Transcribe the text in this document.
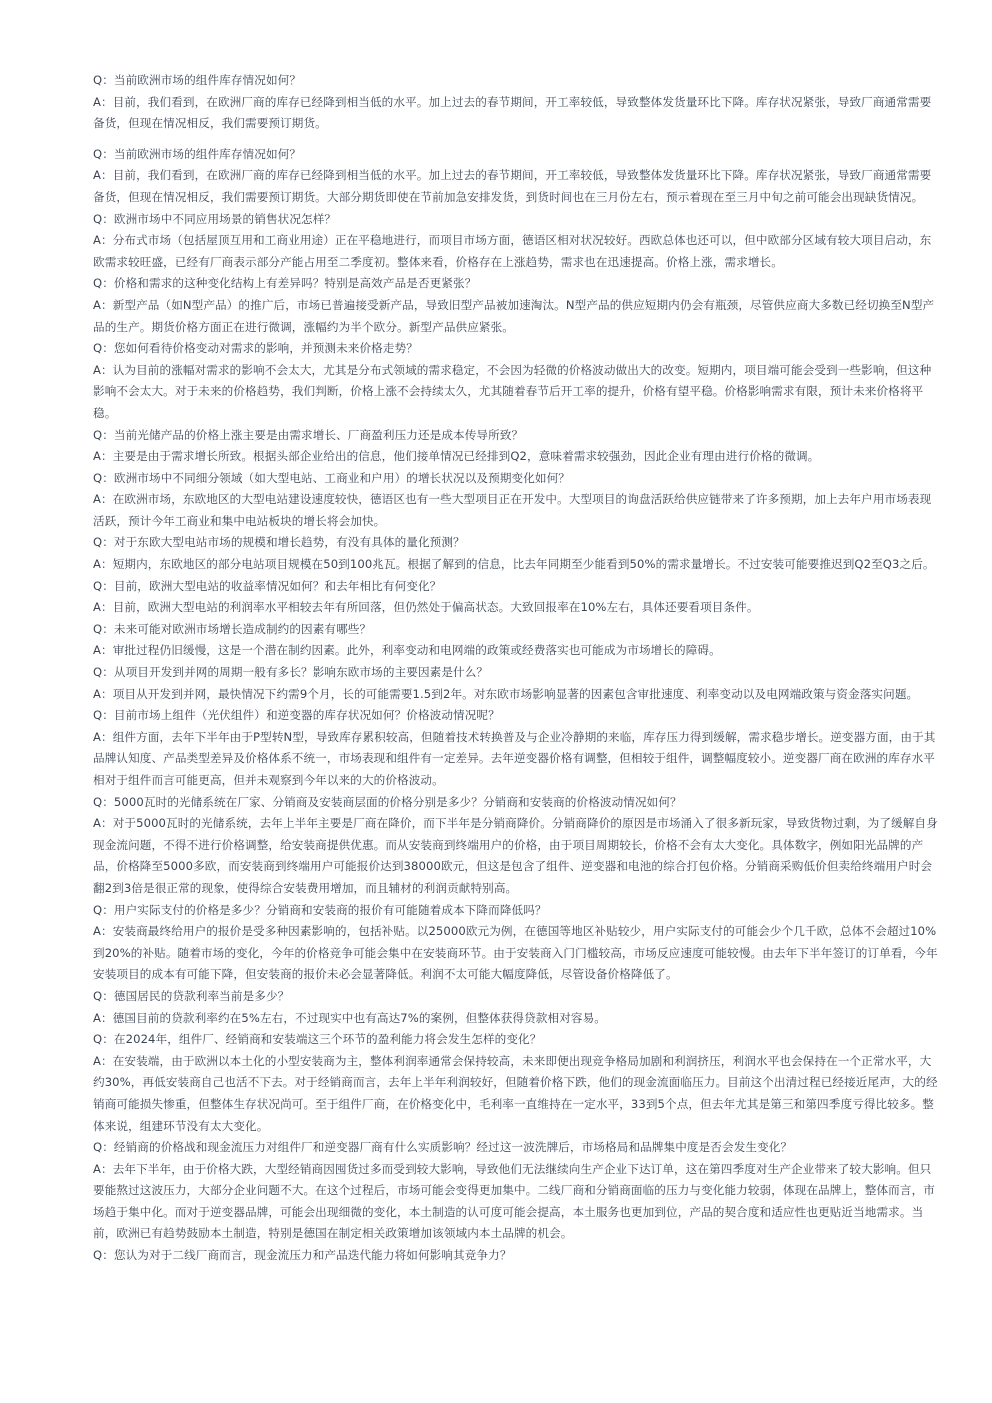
Q：当前欧洲市场的组件库存情况如何？

A：目前，我们看到，在欧洲厂商的库存已经降到相当低的水平。加上过去的春节期间，开工率较低，导致整体发货量环比下降。库存状况紧张，导致厂商通常需要备货，但现在情况相反，我们需要预订期货。

Q：当前欧洲市场的组件库存情况如何？

A：目前，我们看到，在欧洲厂商的库存已经降到相当低的水平。加上过去的春节期间，开工率较低，导致整体发货量环比下降。库存状况紧张，导致厂商通常需要备货，但现在情况相反，我们需要预订期货。大部分期货即使在节前加急安排发货，到货时间也在三月份左右，预示着现在至三月中旬之前可能会出现缺货情况。

Q：欧洲市场中不同应用场景的销售状况怎样？

A：分布式市场（包括屋顶互用和工商业用途）正在平稳地进行，而项目市场方面，德语区相对状况较好。西欧总体也还可以，但中欧部分区域有较大项目启动，东欧需求较旺盛，已经有厂商表示部分产能占用至二季度初。整体来看，价格存在上涨趋势，需求也在迅速提高。价格上涨，需求增长。

Q：价格和需求的这种变化结构上有差异吗？特别是高效产品是否更紧张？

A：新型产品（如N型产品）的推广后，市场已普遍接受新产品，导致旧型产品被加速淘汰。N型产品的供应短期内仍会有瓶颈，尽管供应商大多数已经切换至N型产品的生产。期货价格方面正在进行微调，涨幅约为半个欧分。新型产品供应紧张。

Q：您如何看待价格变动对需求的影响，并预测未来价格走势？

A：认为目前的涨幅对需求的影响不会太大，尤其是分布式领域的需求稳定，不会因为轻微的价格波动做出大的改变。短期内，项目端可能会受到一些影响，但这种影响不会太大。对于未来的价格趋势，我们判断，价格上涨不会持续太久，尤其随着春节后开工率的提升，价格有望平稳。价格影响需求有限，预计未来价格将平稳。

Q：当前光储产品的价格上涨主要是由需求增长、厂商盈利压力还是成本传导所致？

A：主要是由于需求增长所致。根据头部企业给出的信息，他们接单情况已经排到Q2，意味着需求较强劲，因此企业有理由进行价格的微调。

Q：欧洲市场中不同细分领域（如大型电站、工商业和户用）的增长状况以及预期变化如何？

A：在欧洲市场，东欧地区的大型电站建设速度较快，德语区也有一些大型项目正在开发中。大型项目的询盘活跃给供应链带来了许多预期，加上去年户用市场表现活跃，预计今年工商业和集中电站板块的增长将会加快。

Q：对于东欧大型电站市场的规模和增长趋势，有没有具体的量化预测？

A：短期内，东欧地区的部分电站项目规模在50到100兆瓦。根据了解到的信息，比去年同期至少能看到50%的需求量增长。不过安装可能要推迟到Q2至Q3之后。

Q：目前，欧洲大型电站的收益率情况如何？和去年相比有何变化？

A：目前，欧洲大型电站的利润率水平相较去年有所回落，但仍然处于偏高状态。大致回报率在10%左右，具体还要看项目条件。

Q：未来可能对欧洲市场增长造成制约的因素有哪些？

A：审批过程仍旧缓慢，这是一个潜在制约因素。此外，利率变动和电网端的政策或经费落实也可能成为市场增长的障碍。

Q：从项目开发到并网的周期一般有多长？影响东欧市场的主要因素是什么？

A：项目从开发到并网，最快情况下约需9个月，长的可能需要1.5到2年。对东欧市场影响显著的因素包含审批速度、利率变动以及电网端政策与资金落实问题。

Q：目前市场上组件（光伏组件）和逆变器的库存状况如何？价格波动情况呢？

A：组件方面，去年下半年由于P型转N型，导致库存累积较高，但随着技术转换普及与企业冷静期的来临，库存压力得到缓解，需求稳步增长。逆变器方面，由于其品牌认知度、产品类型差异及价格体系不统一，市场表现和组件有一定差异。去年逆变器价格有调整，但相较于组件，调整幅度较小。逆变器厂商在欧洲的库存水平相对于组件而言可能更高，但并未观察到今年以来的大的价格波动。

Q：5000瓦时的光储系统在厂家、分销商及安装商层面的价格分别是多少？分销商和安装商的价格波动情况如何？

A：对于5000瓦时的光储系统，去年上半年主要是厂商在降价，而下半年是分销商降价。分销商降价的原因是市场涌入了很多新玩家，导致货物过剩，为了缓解自身现金流问题，不得不进行价格调整，给安装商提供优惠。而从安装商到终端用户的价格，由于项目周期较长，价格不会有太大变化。具体数字，例如阳光品牌的产品，价格降至5000多欧，而安装商到终端用户可能报价达到38000欧元，但这是包含了组件、逆变器和电池的综合打包价格。分销商采购低价但卖给终端用户时会翻2到3倍是很正常的现象，使得综合安装费用增加，而且辅材的利润贡献特别高。

Q：用户实际支付的价格是多少？分销商和安装商的报价有可能随着成本下降而降低吗？

A：安装商最终给用户的报价是受多种因素影响的，包括补贴。以25000欧元为例，在德国等地区补贴较少，用户实际支付的可能会少个几千欧，总体不会超过10%到20%的补贴。随着市场的变化，今年的价格竞争可能会集中在安装商环节。由于安装商入门门槛较高，市场反应速度可能较慢。由去年下半年签订的订单看，今年安装项目的成本有可能下降，但安装商的报价未必会显著降低。利润不太可能大幅度降低，尽管设备价格降低了。

Q：德国居民的贷款利率当前是多少？

A：德国目前的贷款利率约在5%左右，不过现实中也有高达7%的案例，但整体获得贷款相对容易。

Q：在2024年，组件厂、经销商和安装端这三个环节的盈利能力将会发生怎样的变化？

A：在安装端，由于欧洲以本土化的小型安装商为主，整体利润率通常会保持较高，未来即便出现竞争格局加剧和利润挤压，利润水平也会保持在一个正常水平，大约30%，再低安装商自己也活不下去。对于经销商而言，去年上半年利润较好，但随着价格下跌，他们的现金流面临压力。目前这个出清过程已经接近尾声，大的经销商可能损失惨重，但整体生存状况尚可。至于组件厂商，在价格变化中，毛利率一直维持在一定水平，33到5个点，但去年尤其是第三和第四季度亏得比较多。整体来说，组建环节没有太大变化。

Q：经销商的价格战和现金流压力对组件厂和逆变器厂商有什么实质影响？经过这一波洗牌后，市场格局和品牌集中度是否会发生变化？

A：去年下半年，由于价格大跌，大型经销商因囤货过多而受到较大影响，导致他们无法继续向生产企业下达订单，这在第四季度对生产企业带来了较大影响。但只要能熬过这波压力，大部分企业问题不大。在这个过程后，市场可能会变得更加集中。二线厂商和分销商面临的压力与变化能力较弱，体现在品牌上，整体而言，市场趋于集中化。而对于逆变器品牌，可能会出现细微的变化，本土制造的认可度可能会提高，本土服务也更加到位，产品的契合度和适应性也更贴近当地需求。当前，欧洲已有趋势鼓励本土制造，特别是德国在制定相关政策增加该领域内本土品牌的机会。

Q：您认为对于二线厂商而言，现金流压力和产品迭代能力将如何影响其竞争力？
